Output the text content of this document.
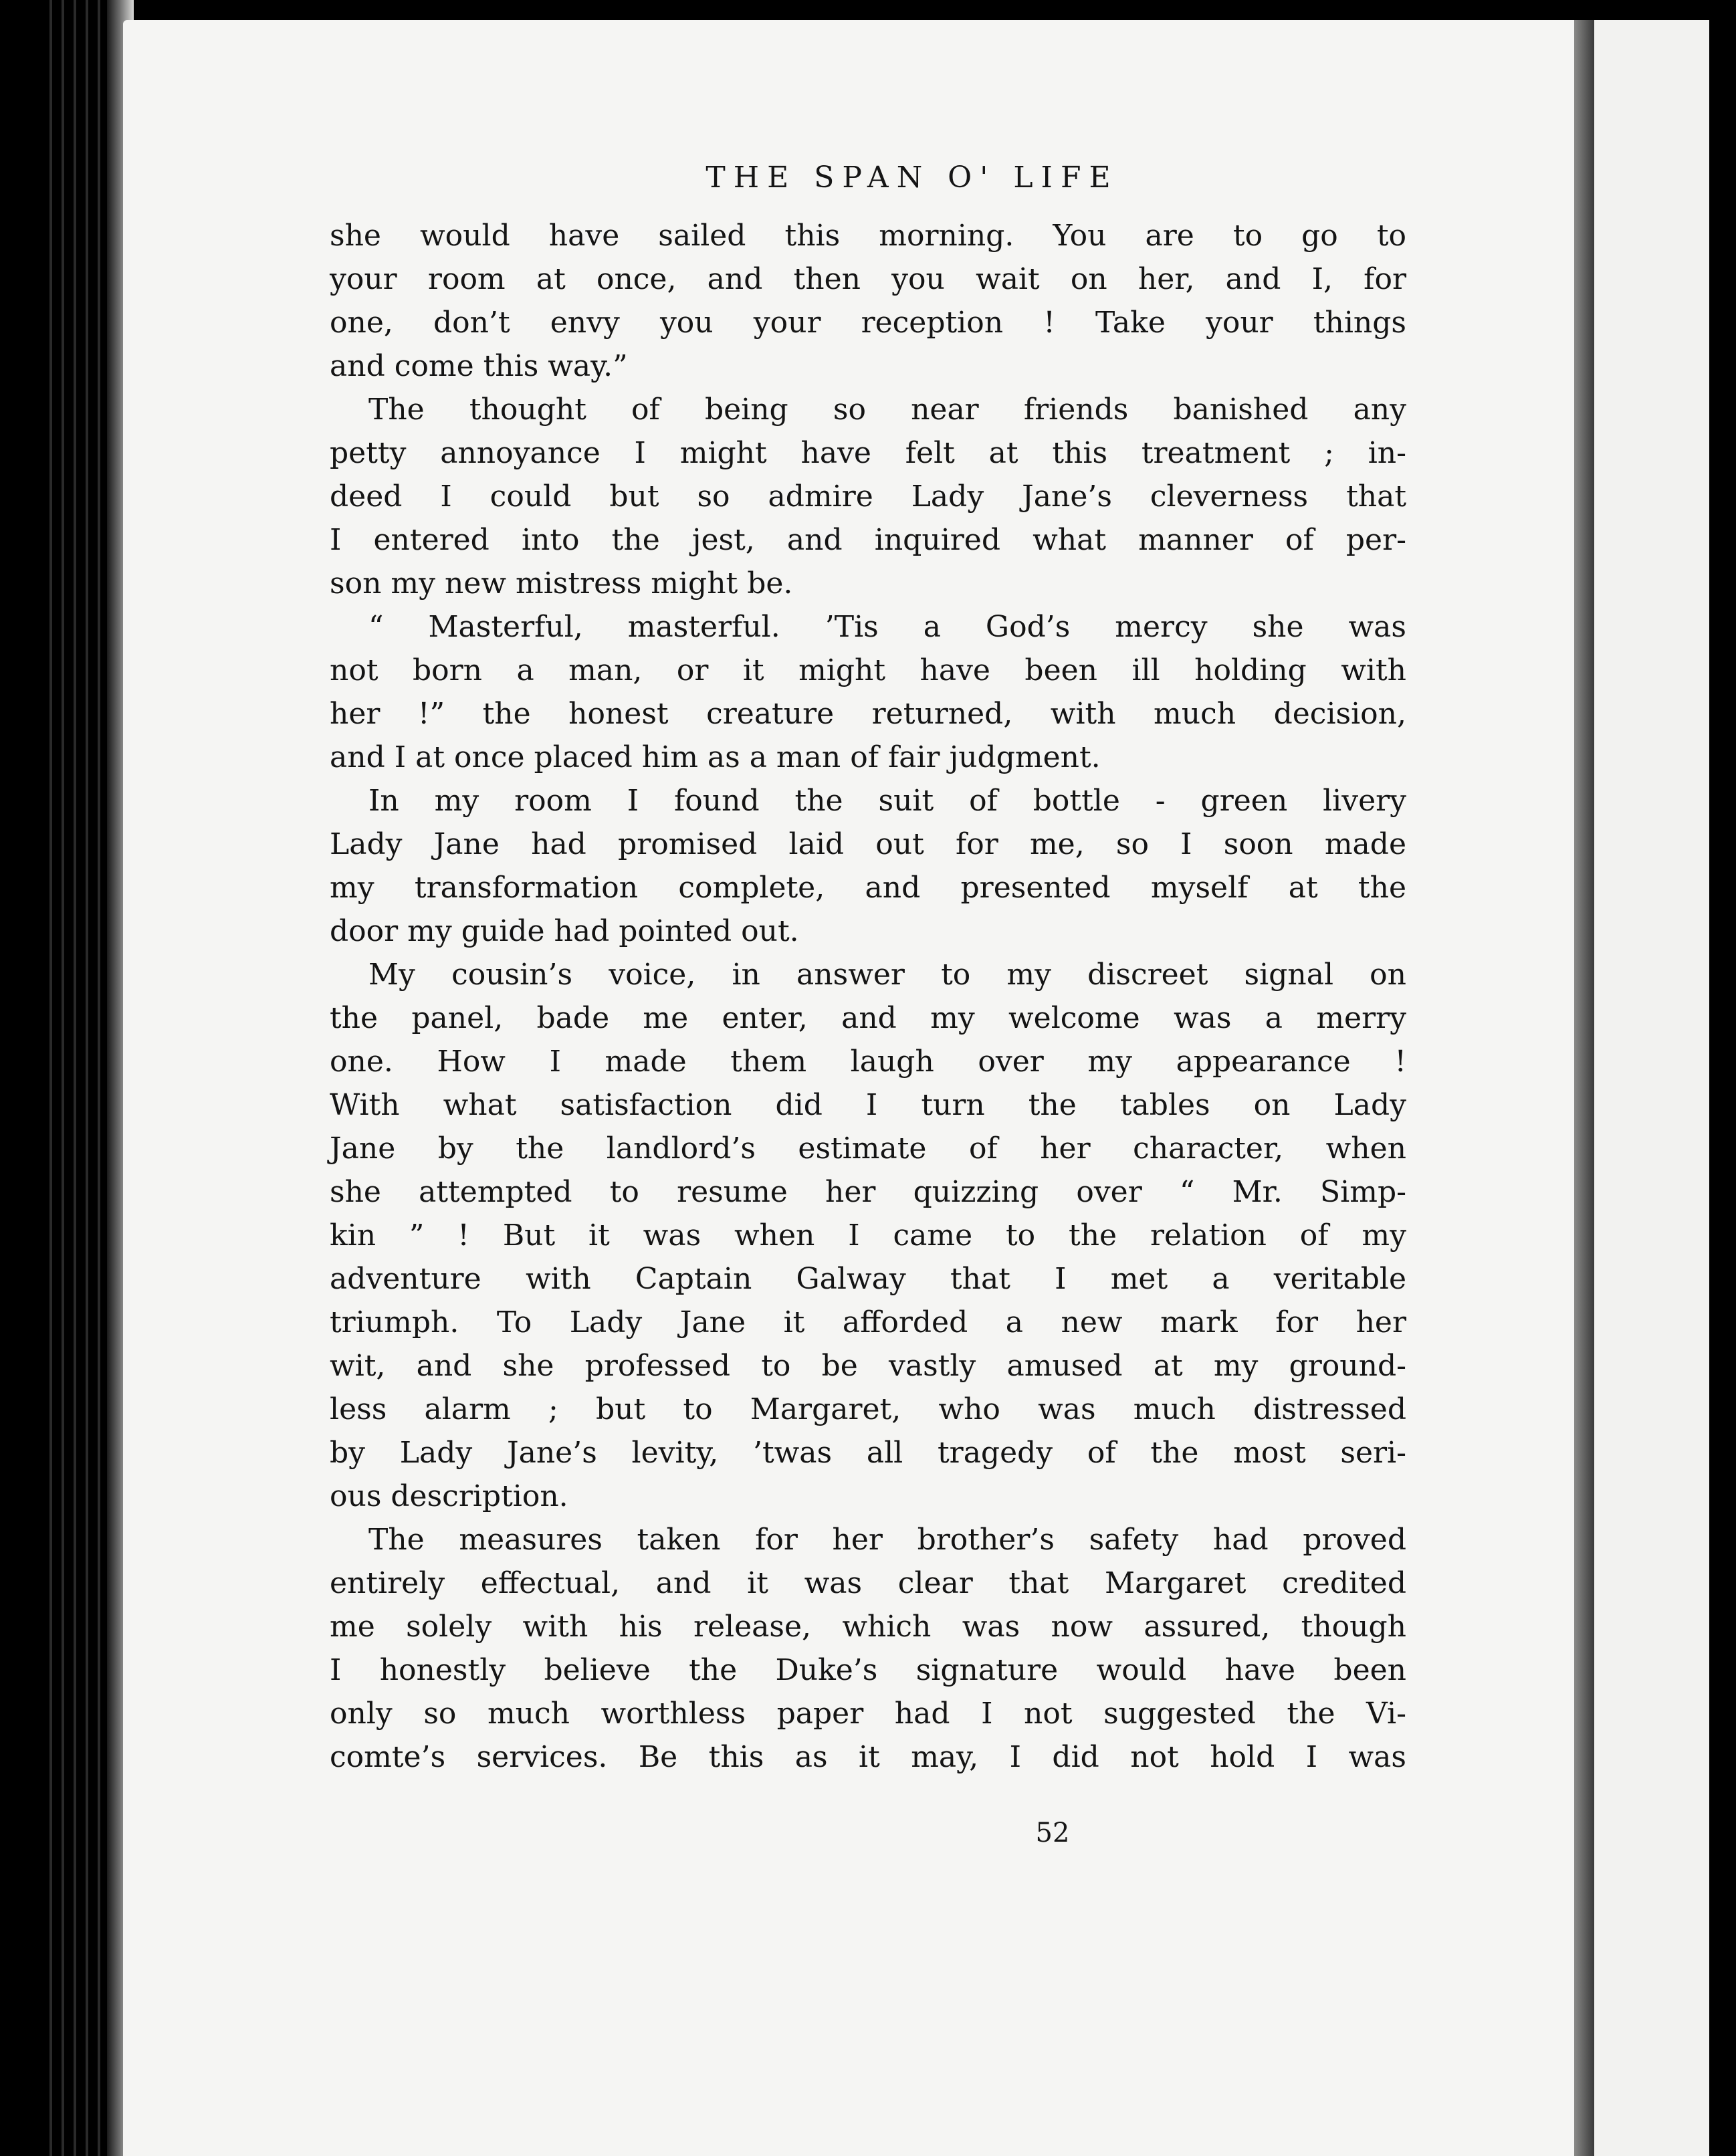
THE SPAN O' LIFE
52
she would have sailed this morning. You are to go to
your room at once, and then you wait on her, and I, for
one, don’t envy you your reception ! Take your things
and come this way.”
The thought of being so near friends banished any
petty annoyance I might have felt at this treatment ; in-
deed I could but so admire Lady Jane’s cleverness that
I entered into the jest, and inquired what manner of per-
son my new mistress might be.
“ Masterful, masterful. ’Tis a God’s mercy she was
not born a man, or it might have been ill holding with
her !” the honest creature returned, with much decision,
and I at once placed him as a man of fair judgment.
In my room I found the suit of bottle - green livery
Lady Jane had promised laid out for me, so I soon made
my transformation complete, and presented myself at the
door my guide had pointed out.
My cousin’s voice, in answer to my discreet signal on
the panel, bade me enter, and my welcome was a merry
one. How I made them laugh over my appearance !
With what satisfaction did I turn the tables on Lady
Jane by the landlord’s estimate of her character, when
she attempted to resume her quizzing over “ Mr. Simp-
kin ” ! But it was when I came to the relation of my
adventure with Captain Galway that I met a veritable
triumph. To Lady Jane it afforded a new mark for her
wit, and she professed to be vastly amused at my ground-
less alarm ; but to Margaret, who was much distressed
by Lady Jane’s levity, ’twas all tragedy of the most seri-
ous description.
The measures taken for her brother’s safety had proved
entirely effectual, and it was clear that Margaret credited
me solely with his release, which was now assured, though
I honestly believe the Duke’s signature would have been
only so much worthless paper had I not suggested the Vi-
comte’s services. Be this as it may, I did not hold I was
